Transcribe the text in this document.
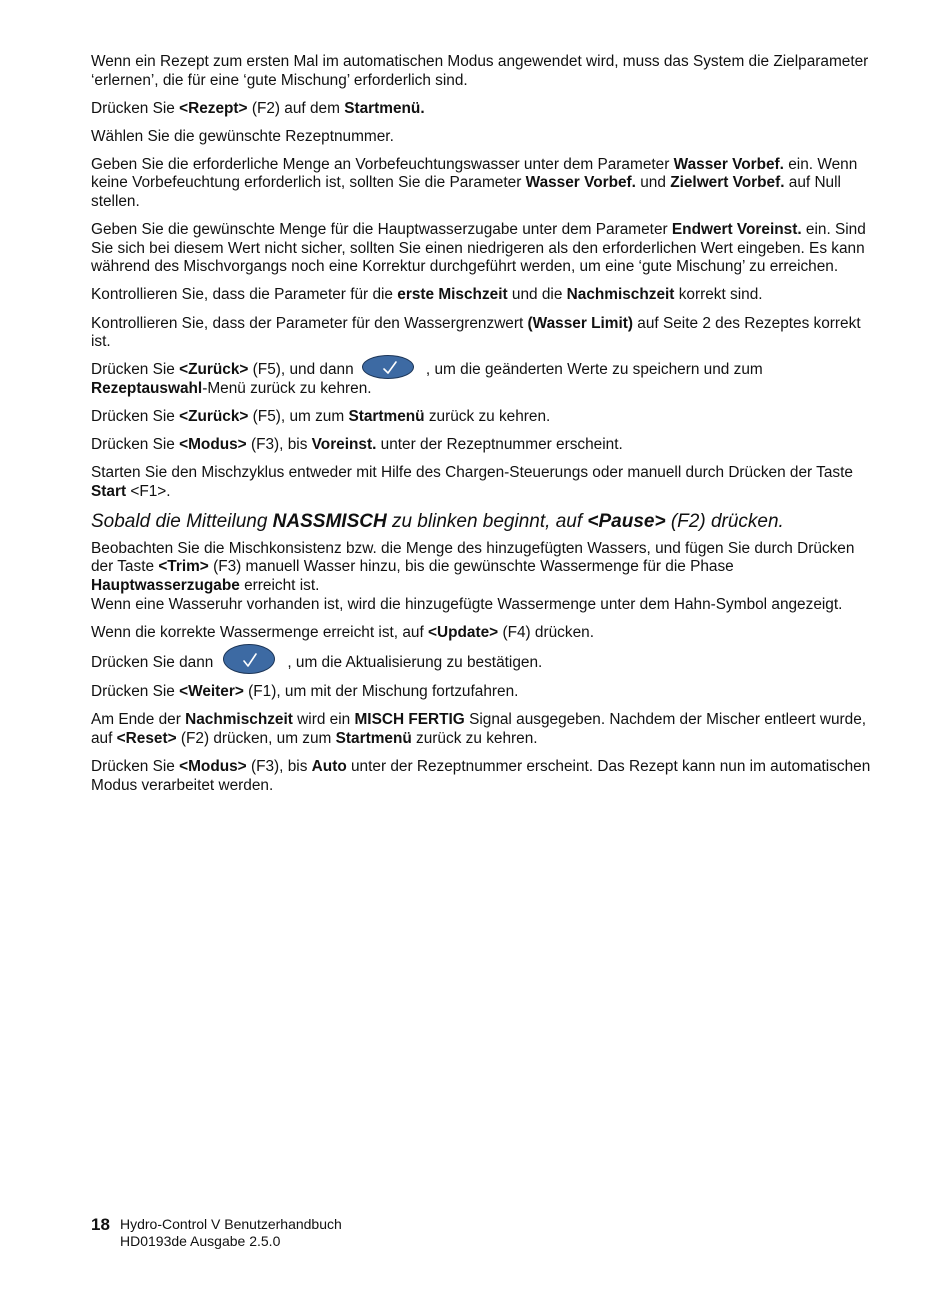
Wenn ein Rezept zum ersten Mal im automatischen Modus angewendet wird, muss das System die Zielparameter ‘erlernen’, die für eine ‘gute Mischung’ erforderlich sind.

Drücken Sie <Rezept> (F2) auf dem Startmenü.

Wählen Sie die gewünschte Rezeptnummer.

Geben Sie die erforderliche Menge an Vorbefeuchtungswasser unter dem Parameter Wasser Vorbef. ein. Wenn keine Vorbefeuchtung erforderlich ist, sollten Sie die Parameter Wasser Vorbef. und Zielwert Vorbef. auf Null stellen.

Geben Sie die gewünschte Menge für die Hauptwasserzugabe unter dem Parameter Endwert Voreinst. ein. Sind Sie sich bei diesem Wert nicht sicher, sollten Sie einen niedrigeren als den erforderlichen Wert eingeben. Es kann während des Mischvorgangs noch eine Korrektur durchgeführt werden, um eine ‘gute Mischung’ zu erreichen.

Kontrollieren Sie, dass die Parameter für die erste Mischzeit und die Nachmischzeit korrekt sind.

Kontrollieren Sie, dass der Parameter für den Wassergrenzwert (Wasser Limit) auf Seite 2 des Rezeptes korrekt ist.

Drücken Sie <Zurück> (F5), und dann	, um die geänderten Werte zu speichern und zum Rezeptauswahl-Menü zurück zu kehren.

Drücken Sie <Zurück> (F5), um zum Startmenü zurück zu kehren.

Drücken Sie <Modus> (F3), bis Voreinst. unter der Rezeptnummer erscheint.

Starten Sie den Mischzyklus entweder mit Hilfe des Chargen-Steuerungs oder manuell durch Drücken der Taste Start <F1>.

Sobald die Mitteilung NASSMISCH zu blinken beginnt, auf <Pause> (F2) drücken.

Beobachten Sie die Mischkonsistenz bzw. die Menge des hinzugefügten Wassers, und fügen Sie durch Drücken der Taste <Trim> (F3) manuell Wasser hinzu, bis die gewünschte Wassermenge für die Phase Hauptwasserzugabe erreicht ist.

Wenn eine Wasseruhr vorhanden ist, wird die hinzugefügte Wassermenge unter dem Hahn-Symbol angezeigt.

Wenn die korrekte Wassermenge erreicht ist, auf <Update> (F4) drücken.

Drücken Sie dann	, um die Aktualisierung zu bestätigen.

Drücken Sie <Weiter> (F1), um mit der Mischung fortzufahren.

Am Ende der Nachmischzeit wird ein MISCH FERTIG Signal ausgegeben. Nachdem der Mischer entleert wurde, auf <Reset> (F2) drücken, um zum Startmenü zurück zu kehren.

Drücken Sie <Modus> (F3), bis Auto unter der Rezeptnummer erscheint. Das Rezept kann nun im automatischen Modus verarbeitet werden.

18 Hydro-Control V Benutzerhandbuch
HD0193de Ausgabe 2.5.0
